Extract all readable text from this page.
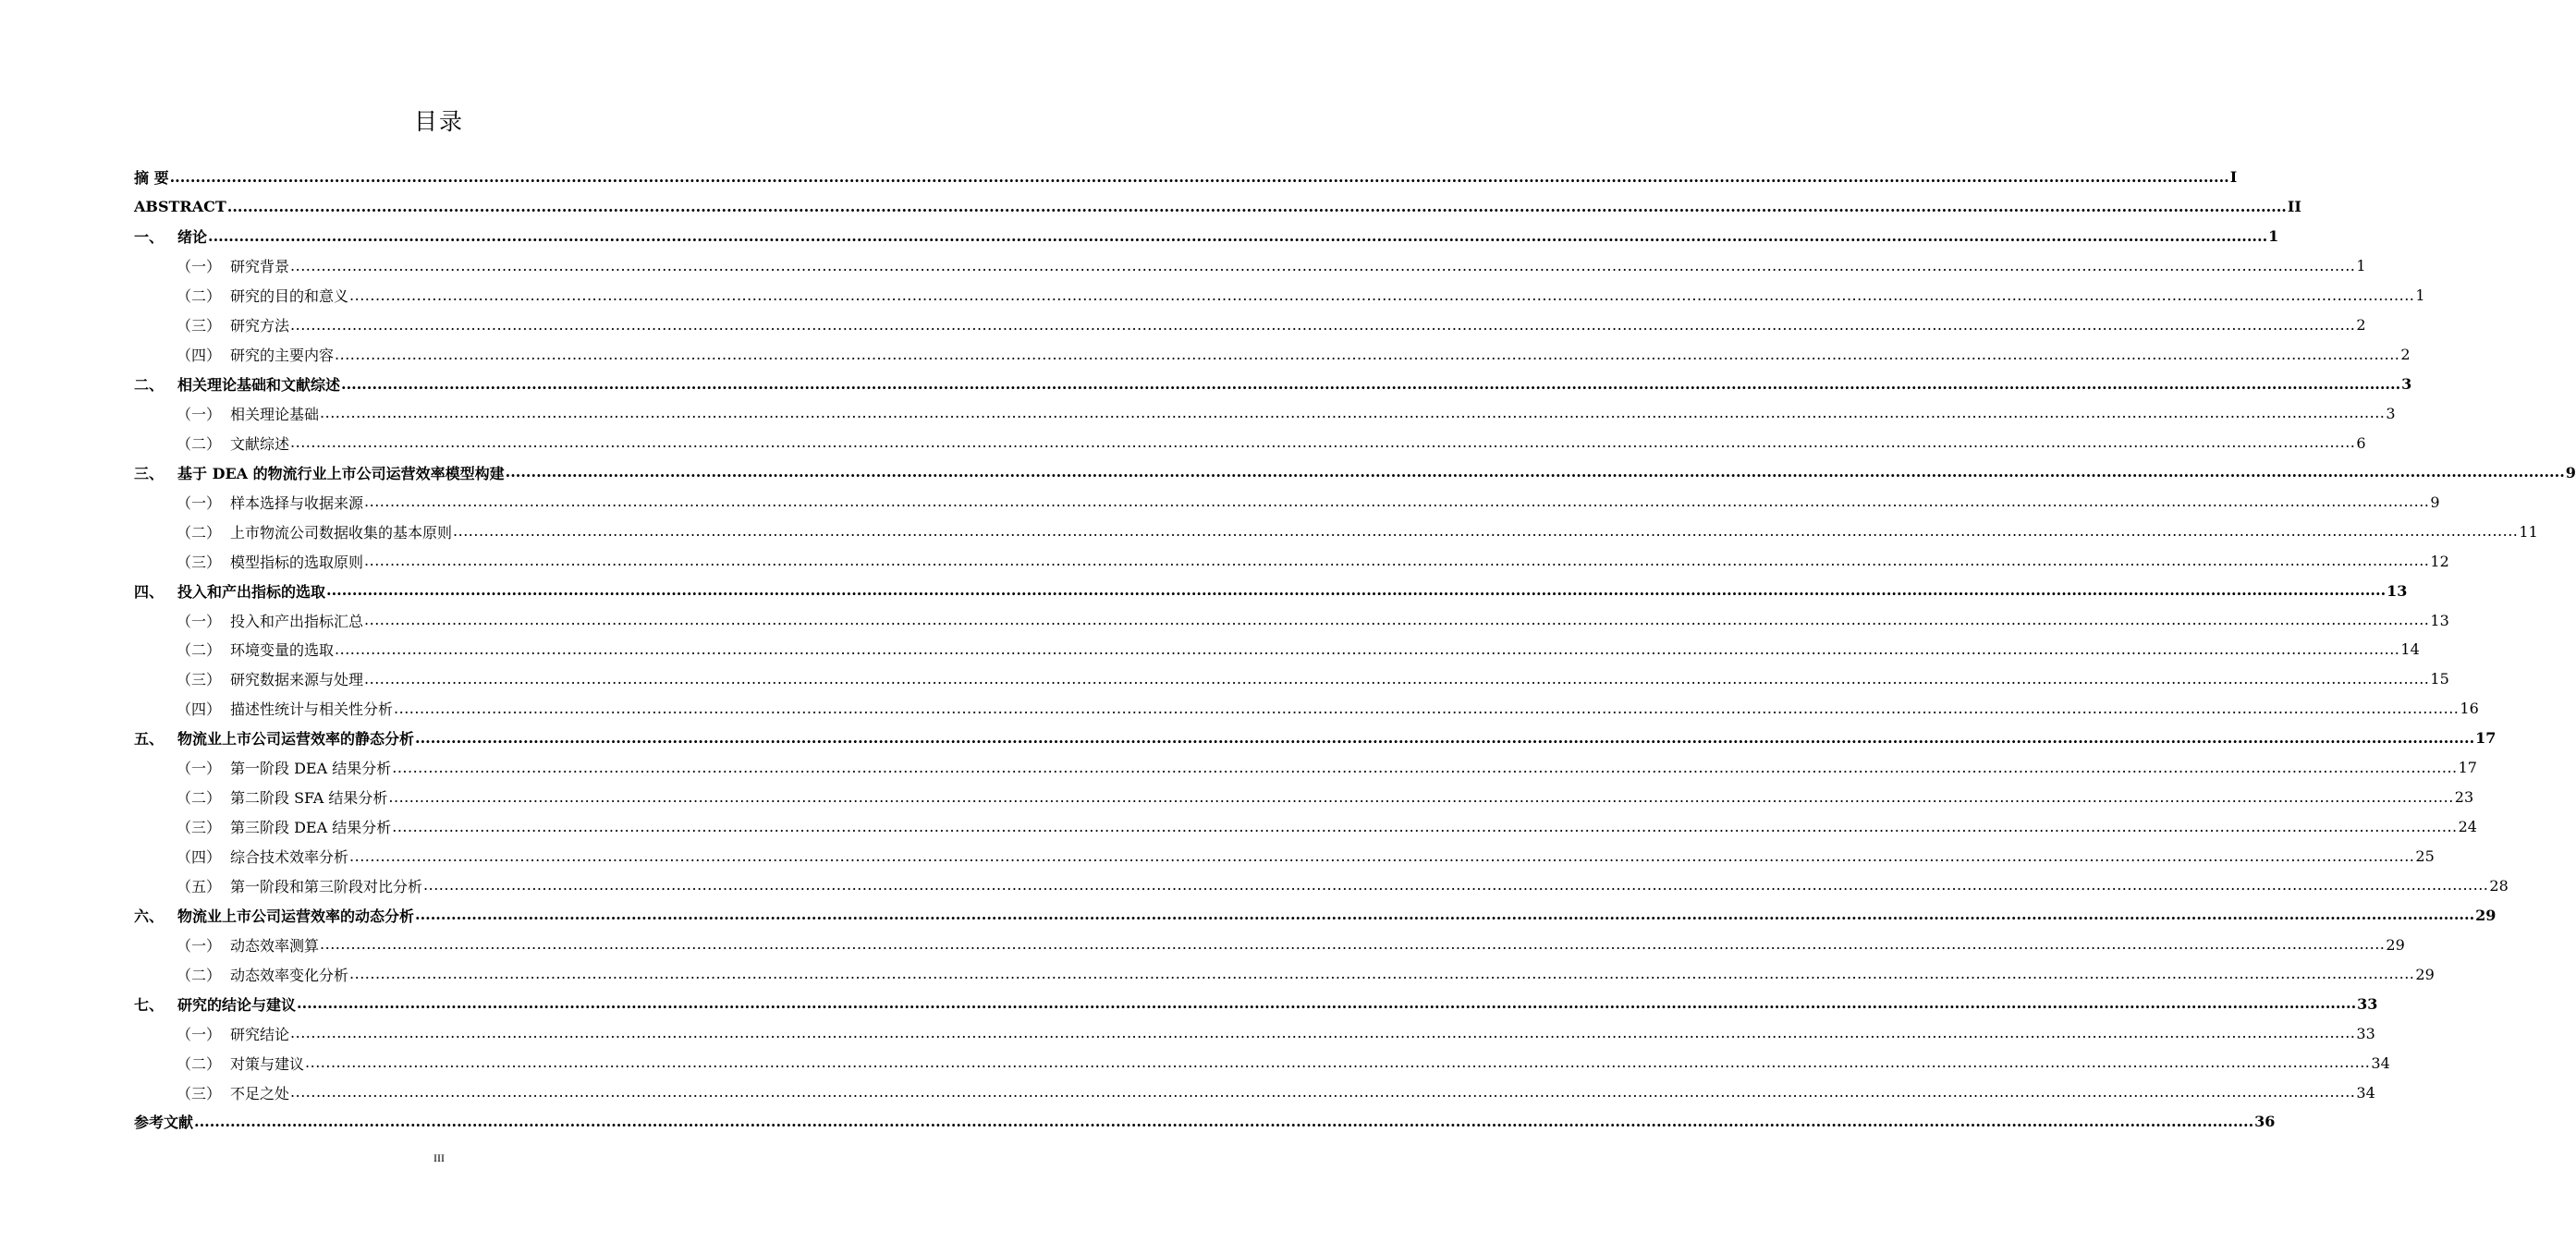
目录
摘 要 ................................................................................................................................................................................................................................................................................................................................................................................................................ I
ABSTRACT ................................................................................................................................................................................................................................................................................................................................................................................................................ II
一、 绪论 ................................................................................................................................................................................................................................................................................................................................................................................................................ 1
（一） 研究背景 ................................................................................................................................................................................................................................................................................................................................................................................................................ 1
（二） 研究的目的和意义 ................................................................................................................................................................................................................................................................................................................................................................................................................ 1
（三） 研究方法 ................................................................................................................................................................................................................................................................................................................................................................................................................ 2
（四） 研究的主要内容 ................................................................................................................................................................................................................................................................................................................................................................................................................ 2
二、 相关理论基础和文献综述 ................................................................................................................................................................................................................................................................................................................................................................................................................ 3
（一） 相关理论基础 ................................................................................................................................................................................................................................................................................................................................................................................................................ 3
（二） 文献综述 ................................................................................................................................................................................................................................................................................................................................................................................................................ 6
三、 基于 DEA 的物流行业上市公司运营效率模型构建 ................................................................................................................................................................................................................................................................................................................................................................................................................ 9
（一） 样本选择与收据来源 ................................................................................................................................................................................................................................................................................................................................................................................................................ 9
（二） 上市物流公司数据收集的基本原则 ................................................................................................................................................................................................................................................................................................................................................................................................................ 11
（三） 模型指标的选取原则 ................................................................................................................................................................................................................................................................................................................................................................................................................ 12
四、 投入和产出指标的选取 ................................................................................................................................................................................................................................................................................................................................................................................................................ 13
（一） 投入和产出指标汇总 ................................................................................................................................................................................................................................................................................................................................................................................................................ 13
（二） 环境变量的选取 ................................................................................................................................................................................................................................................................................................................................................................................................................ 14
（三） 研究数据来源与处理 ................................................................................................................................................................................................................................................................................................................................................................................................................ 15
（四） 描述性统计与相关性分析 ................................................................................................................................................................................................................................................................................................................................................................................................................ 16
五、 物流业上市公司运营效率的静态分析 ................................................................................................................................................................................................................................................................................................................................................................................................................ 17
（一） 第一阶段 DEA 结果分析 ................................................................................................................................................................................................................................................................................................................................................................................................................ 17
（二） 第二阶段 SFA 结果分析 ................................................................................................................................................................................................................................................................................................................................................................................................................ 23
（三） 第三阶段 DEA 结果分析 ................................................................................................................................................................................................................................................................................................................................................................................................................ 24
（四） 综合技术效率分析 ................................................................................................................................................................................................................................................................................................................................................................................................................ 25
（五） 第一阶段和第三阶段对比分析 ................................................................................................................................................................................................................................................................................................................................................................................................................ 28
六、 物流业上市公司运营效率的动态分析 ................................................................................................................................................................................................................................................................................................................................................................................................................ 29
（一） 动态效率测算 ................................................................................................................................................................................................................................................................................................................................................................................................................ 29
（二） 动态效率变化分析 ................................................................................................................................................................................................................................................................................................................................................................................................................ 29
七、 研究的结论与建议 ................................................................................................................................................................................................................................................................................................................................................................................................................ 33
（一） 研究结论 ................................................................................................................................................................................................................................................................................................................................................................................................................ 33
（二） 对策与建议 ................................................................................................................................................................................................................................................................................................................................................................................................................ 34
（三） 不足之处 ................................................................................................................................................................................................................................................................................................................................................................................................................ 34
参考文献 ................................................................................................................................................................................................................................................................................................................................................................................................................ 36
III
